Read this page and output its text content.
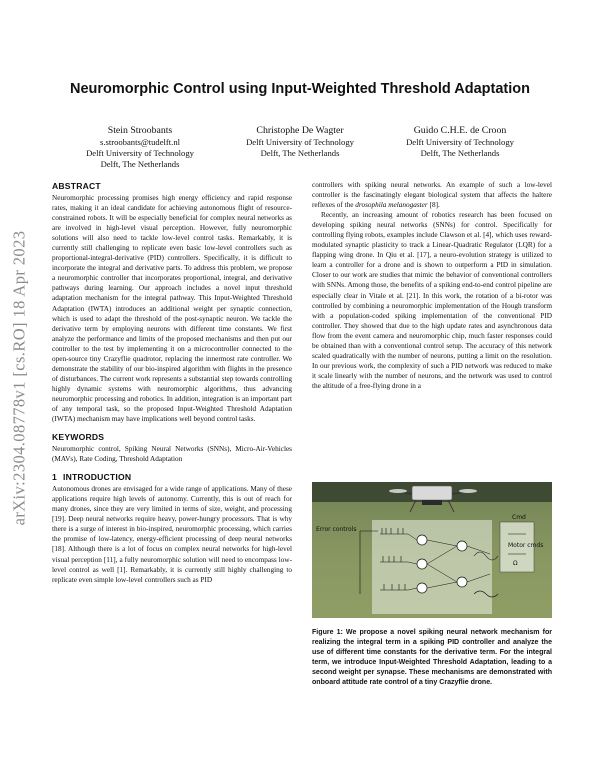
arXiv:2304.08778v1 [cs.RO] 18 Apr 2023
Neuromorphic Control using Input-Weighted Threshold Adaptation
Stein Stroobants
s.stroobants@tudelft.nl
Delft University of Technology
Delft, The Netherlands
Christophe De Wagter
Delft University of Technology
Delft, The Netherlands
Guido C.H.E. de Croon
Delft University of Technology
Delft, The Netherlands
ABSTRACT

Neuromorphic processing promises high energy efficiency and rapid response rates, making it an ideal candidate for achieving autonomous flight of resource-constrained robots. It will be especially beneficial for complex neural networks as are involved in high-level visual perception. However, fully neuromorphic solutions will also need to tackle low-level control tasks. Remarkably, it is currently still challenging to replicate even basic low-level controllers such as proportional-integral-derivative (PID) controllers. Specifically, it is difficult to incorporate the integral and derivative parts. To address this problem, we propose a neuromorphic controller that incorporates proportional, integral, and derivative pathways during learning. Our approach includes a novel input threshold adaptation mechanism for the integral pathway. This Input-Weighted Threshold Adaptation (IWTA) introduces an additional weight per synaptic connection, which is used to adapt the threshold of the post-synaptic neuron. We tackle the derivative term by employing neurons with different time constants. We first analyze the performance and limits of the proposed mechanisms and then put our controller to the test by implementing it on a microcontroller connected to the open-source tiny Crazyflie quadrotor, replacing the innermost rate controller. We demonstrate the stability of our bio-inspired algorithm with flights in the presence of disturbances. The current work represents a substantial step towards controlling highly dynamic systems with neuromorphic algorithms, thus advancing neuromorphic processing and robotics. In addition, integration is an important part of any temporal task, so the proposed Input-Weighted Threshold Adaptation (IWTA) mechanism may have implications well beyond control tasks.

KEYWORDS

Neuromorphic control, Spiking Neural Networks (SNNs), Micro-Air-Vehicles (MAVs), Rate Coding, Threshold Adaptation

1 INTRODUCTION

Autonomous drones are envisaged for a wide range of applications. Many of these applications require high levels of autonomy. Currently, this is out of reach for many drones, since they are very limited in terms of size, weight, and processing [19]. Deep neural networks require heavy, power-hungry processors. That is why there is a surge of interest in bio-inspired, neuromorphic processing, which carries the promise of low-latency, energy-efficient processing of deep neural networks [18]. Although there is a lot of focus on complex neural networks for high-level visual perception [11], a fully neuromorphic solution will need to encompass low-level control as well [1]. Remarkably, it is currently still highly challenging to replicate even simple low-level controllers such as PID

controllers with spiking neural networks. An example of such a low-level controller is the fascinatingly elegant biological system that affects the haltere reflexes of the drosophila melanogaster [8].

Recently, an increasing amount of robotics research has been focused on developing spiking neural networks (SNNs) for control. Specifically for controlling flying robots, examples include Clawson et al. [4], which uses reward-modulated synaptic plasticity to track a Linear-Quadratic Regulator (LQR) for a flapping wing drone. In Qiu et al. [17], a neuro-evolution strategy is utilized to learn a controller for a drone and is shown to outperform a PID in simulation. Closer to our work are studies that mimic the behavior of conventional controllers with SNNs. Among those, the benefits of a spiking end-to-end control pipeline are especially clear in Vitale et al. [21]. In this work, the rotation of a bi-rotor was controlled by combining a neuromorphic implementation of the Hough transform with a population-coded spiking implementation of the conventional PID controller. They showed that due to the high update rates and asynchronous data flow from the event camera and neuromorphic chip, much faster responses could be obtained than with a conventional control setup. The accuracy of this network scaled quadratically with the number of neurons, putting a limit on the resolution. In our previous work, the complexity of such a PID network was reduced to make it scale linearly with the number of neurons, and the network was used to control the altitude of a free-flying drone in a

Error controls
Cmd
Motor cmds
Ω
Figure 1: We propose a novel spiking neural network mechanism for realizing the integral term in a spiking PID controller and analyze the use of different time constants for the derivative term. For the integral term, we introduce Input-Weighted Threshold Adaptation, leading to a second weight per synapse. These mechanisms are demonstrated with onboard attitude rate control of a tiny Crazyflie drone.
